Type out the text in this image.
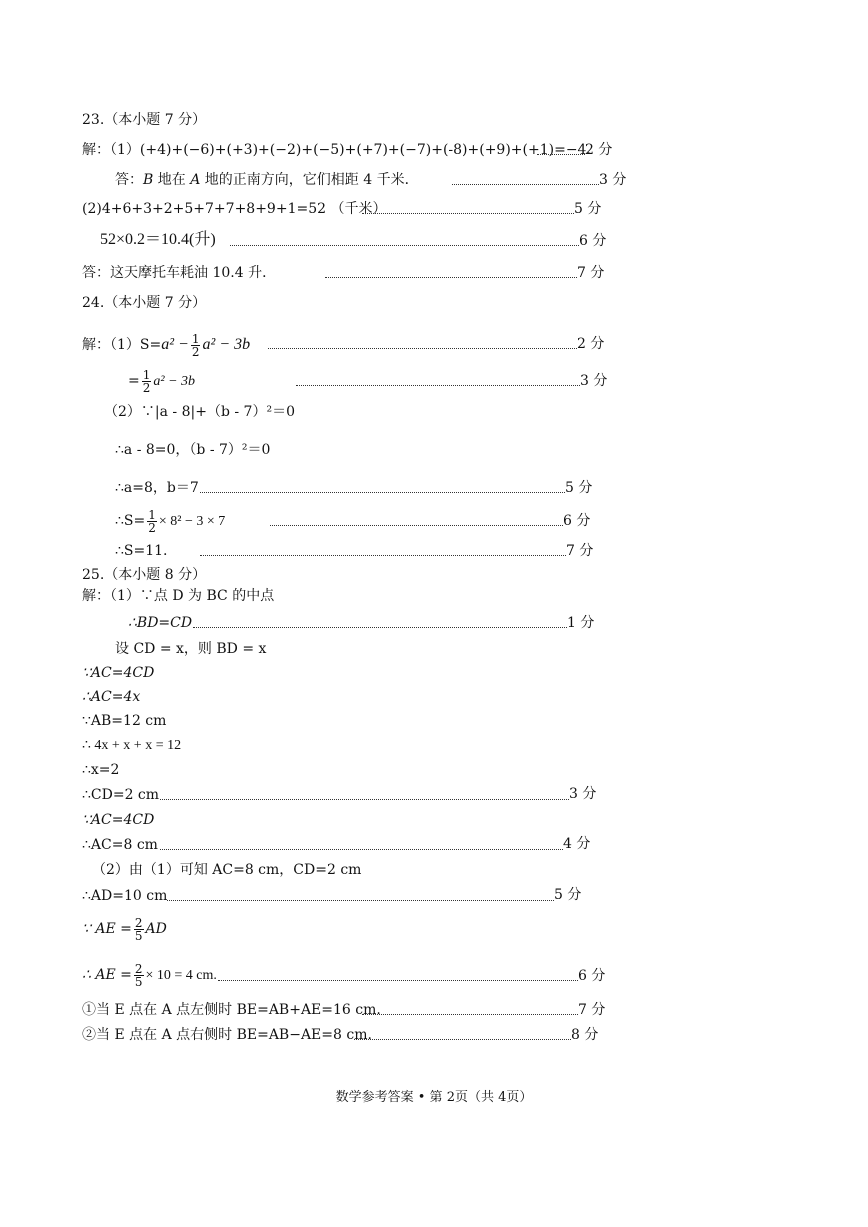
23.（本小题 7 分）
解：（1）(+4)+(−6)+(+3)+(−2)+(−5)+(+7)+(−7)+(-8)+(+9)+(+1)=−4.
2 分
答：B 地在 A 地的正南方向，它们相距 4 千米．	3 分
(2)4+6+3+2+5+7+7+8+9+1=52 （千米）	5 分
52×0.2＝10.4(升)	6 分
答：这天摩托车耗油 10.4 升．	7 分
24.（本小题 7 分）
解：$(1)S=a^2 - \frac{1}{2} a^2 - 3b$	2 分
= $\frac{1}{2} a^2 - 3b$	3 分
（2）∵|a - 8|+（b - 7）²＝0
∴a - 8=0，（b - 7）²＝0
∴a=8，b＝7	5 分
∴S= $\frac{1}{2} \times 8^2 - 3 \times 7$	6 分
∴S=11.	7 分
25.（本小题 8 分）
解：（1）∵点 D 为 BC 的中点
∴BD=CD	1 分
设 CD = x，则 BD = x
∵AC=4CD
∴AC=4x
∵AB=12 cm
∴ 4x + x + x = 12
∴x=2
∴CD=2 cm	3 分
∵AC=4CD
∴AC=8 cm	4 分
（2）由（1）可知 AC=8 cm，CD=2 cm
∴AD=10 cm	5 分
∵ AE = $\frac{2}{5}$ AD
∴ AE = $\frac{2}{5} \times 10 = 4$ cm.	6 分
①当 E 点在 A 点左侧时 BE=AB+AE=16 cm.	7 分
②当 E 点在 A 点右侧时 BE=AB−AE=8 cm.	8 分
数学参考答案 • 第 2页（共 4页）
